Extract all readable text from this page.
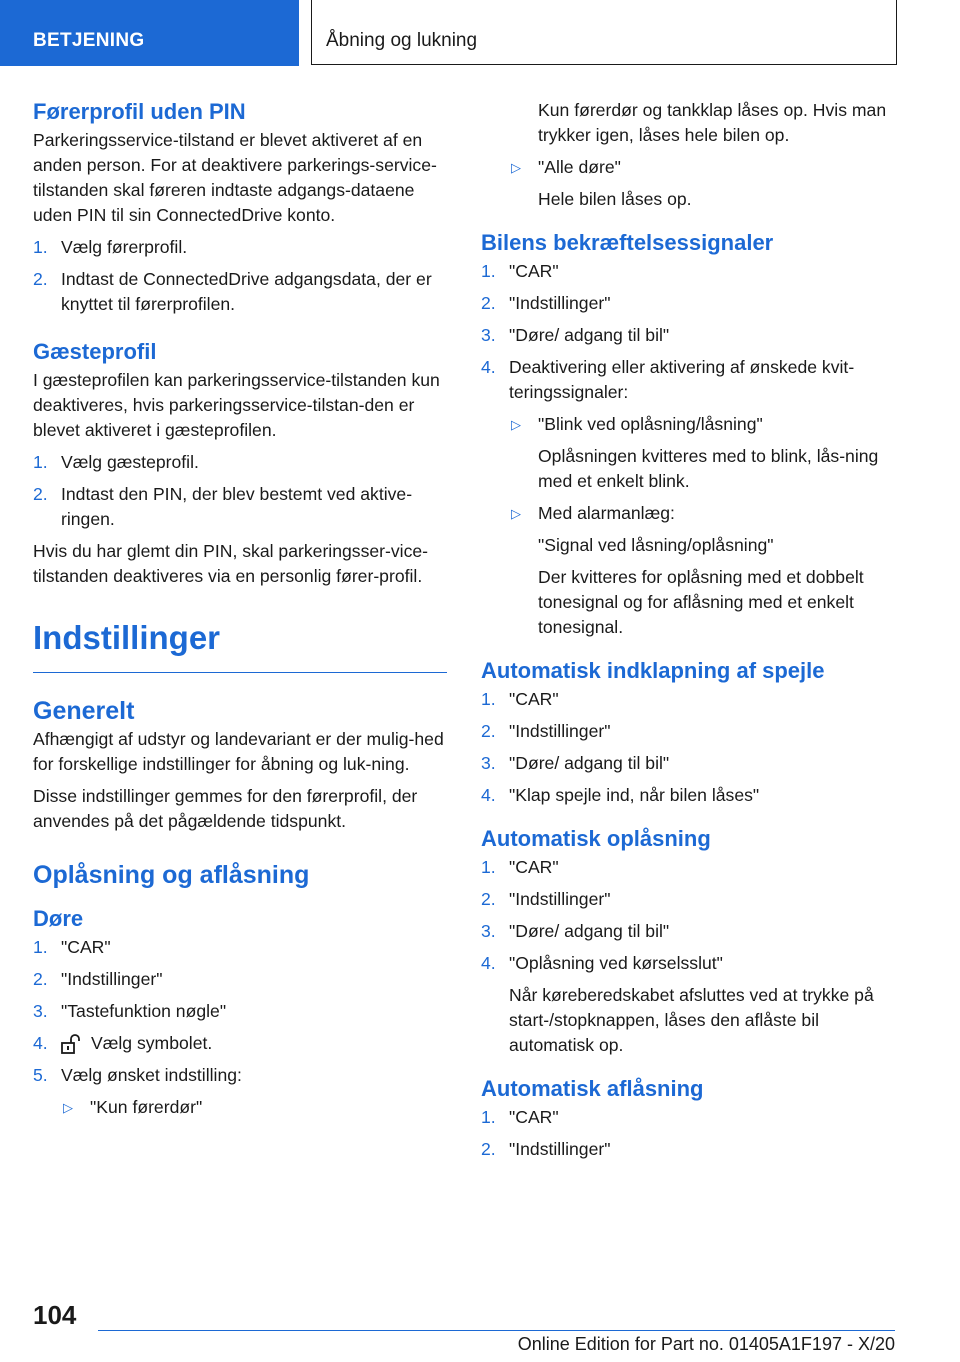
BETJENING	Åbning og lukning
Førerprofil uden PIN

Parkeringsservice-tilstand er blevet aktiveret af en anden person. For at deaktivere parkerings-service-tilstanden skal føreren indtaste adgangs-dataene uden PIN til sin ConnectedDrive konto.

1. Vælg førerprofil.
2. Indtast de ConnectedDrive adgangsdata, der er knyttet til førerprofilen.
Gæsteprofil

I gæsteprofilen kan parkeringsservice-tilstanden kun deaktiveres, hvis parkeringsservice-tilstan-den er blevet aktiveret i gæsteprofilen.

1. Vælg gæsteprofil.
2. Indtast den PIN, der blev bestemt ved aktive-ringen.

Hvis du har glemt din PIN, skal parkeringsser-vice-tilstanden deaktiveres via en personlig fører-profil.

Indstillinger
Generelt

Afhængigt af udstyr og landevariant er der mulig-hed for forskellige indstillinger for åbning og luk-ning.

Disse indstillinger gemmes for den førerprofil, der anvendes på det pågældende tidspunkt.

Oplåsning og aflåsning
Døre
1. "CAR"
2. "Indstillinger"
3. "Tastefunktion nøgle"
4. Vælg symbolet.
5. Vælg ønsket indstilling:
▷ "Kun førerdør"

Kun førerdør og tankklap låses op. Hvis man trykker igen, låses hele bilen op.

▷ "Alle døre"
Hele bilen låses op.
Bilens bekræftelsessignaler
1. "CAR"
2. "Indstillinger"
3. "Døre/ adgang til bil"
4. Deaktivering eller aktivering af ønskede kvit-teringssignaler:
▷ "Blink ved oplåsning/låsning"
Oplåsningen kvitteres med to blink, lås-ning med et enkelt blink.
▷ Med alarmanlæg:
"Signal ved låsning/oplåsning"
Der kvitteres for oplåsning med et dobbelt tonesignal og for aflåsning med et enkelt tonesignal.
Automatisk indklapning af spejle
1. "CAR"
2. "Indstillinger"
3. "Døre/ adgang til bil"
4. "Klap spejle ind, når bilen låses"
Automatisk oplåsning
1. "CAR"
2. "Indstillinger"
3. "Døre/ adgang til bil"
4. "Oplåsning ved kørselsslut"
Når køreberedskabet afsluttes ved at trykke på start-/stopknappen, låses den aflåste bil automatisk op.
Automatisk aflåsning
1. "CAR"
2. "Indstillinger"
104
Online Edition for Part no. 01405A1F197 - X/20
